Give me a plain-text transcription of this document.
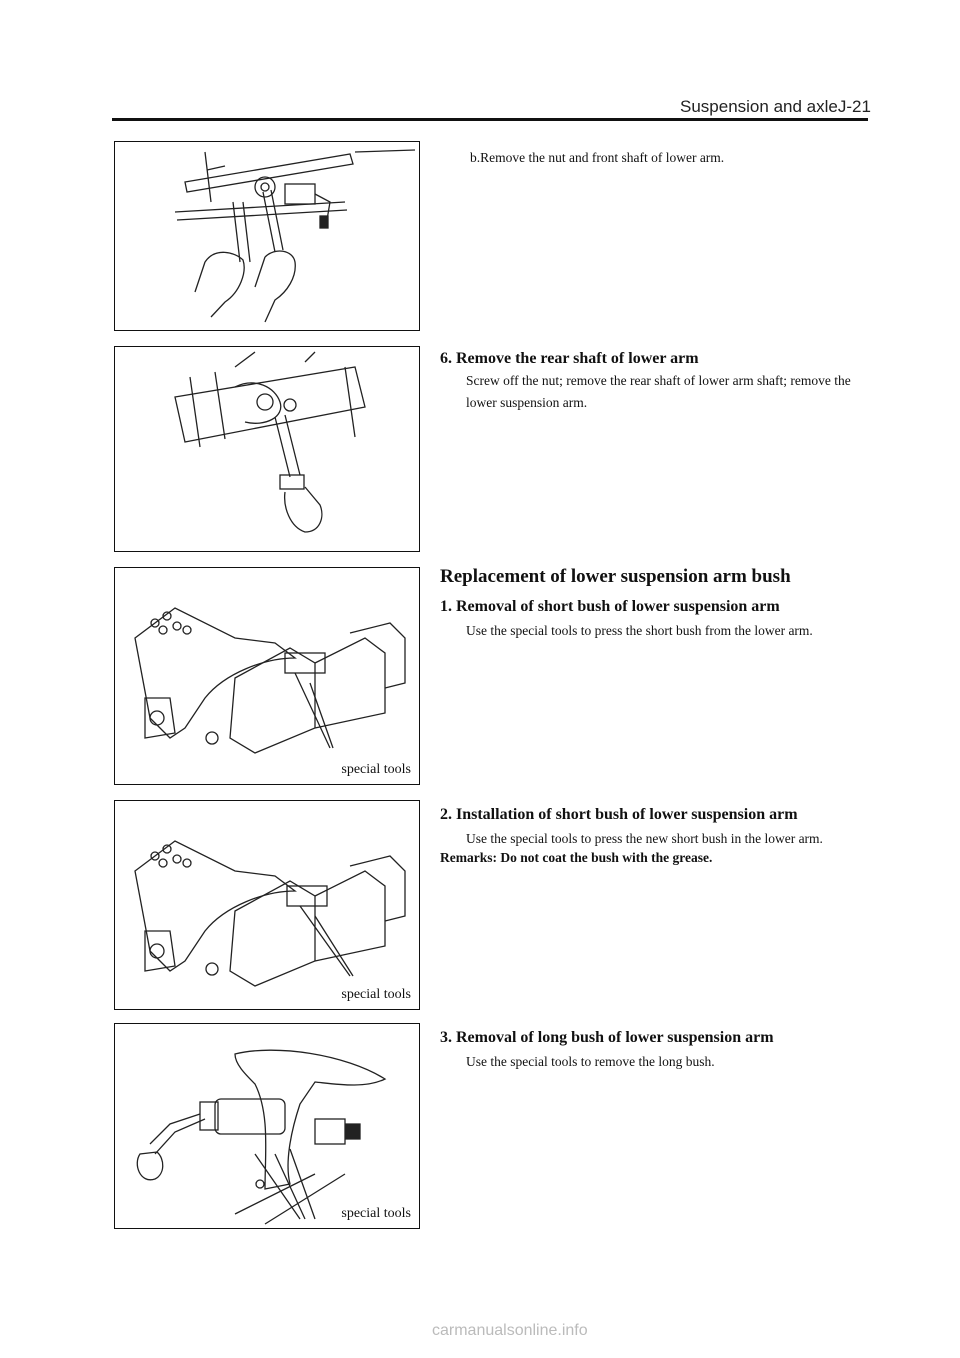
Suspension and axleJ-21

b.Remove the nut and front shaft of lower arm.

6. Remove the rear shaft of lower arm

Screw off the nut; remove the rear shaft of lower arm shaft; remove the lower suspension arm.

special tools

Replacement of lower suspension arm bush

1. Removal of short bush of lower suspension arm

Use the special tools to press the short bush from the lower arm.

special tools

2. Installation of short bush of lower suspension arm

Use the special tools to press the new short bush in the lower arm.

Remarks: Do not coat the bush with the grease.

special tools

3. Removal of long bush of lower suspension arm

Use the special tools to remove the long bush.

carmanualsonline.info
